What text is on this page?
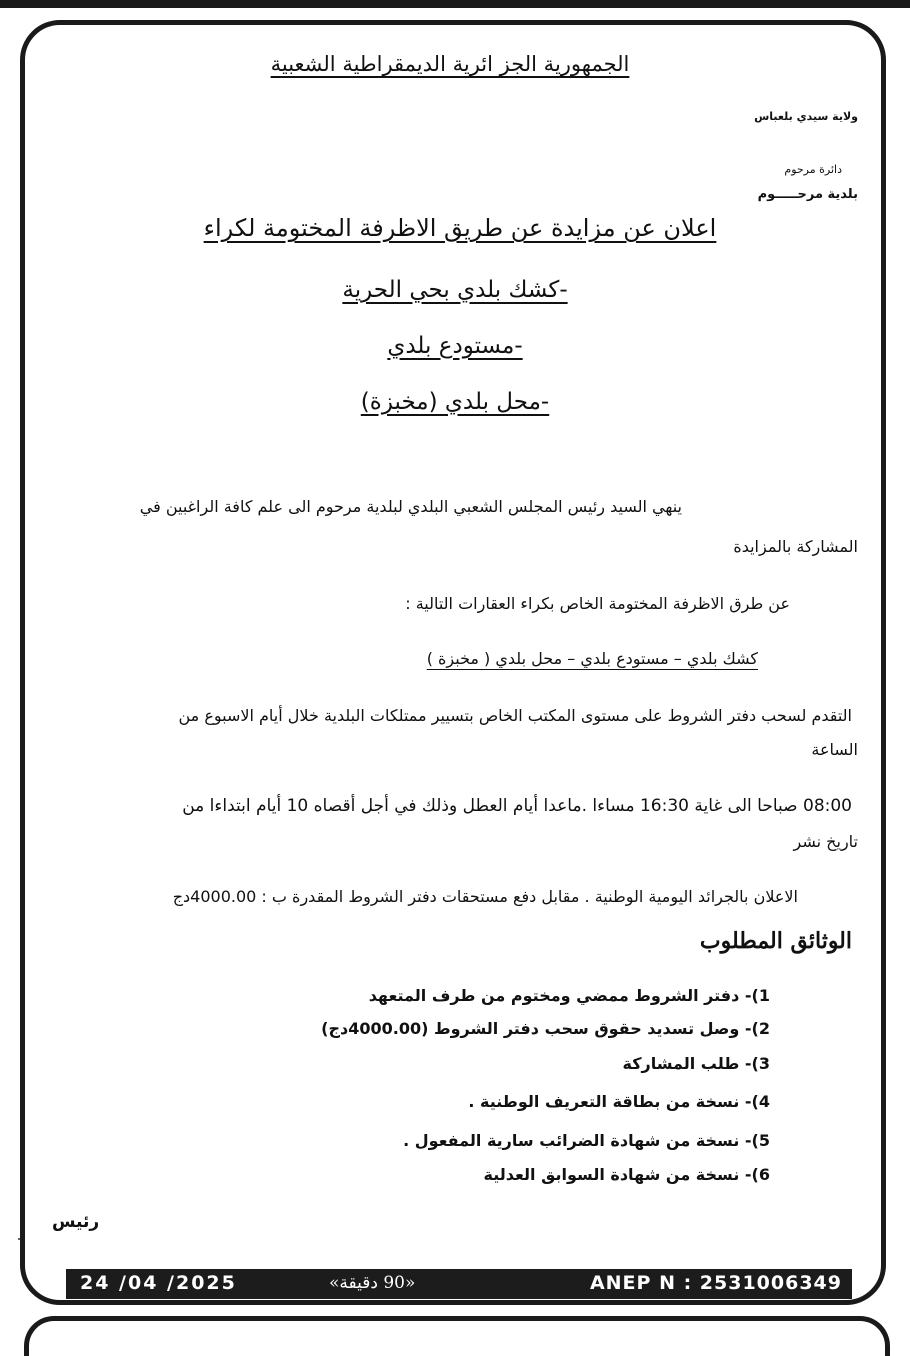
الجمهورية الجز ائرية الديمقراطية الشعبية
ولاية سيدي بلعباس
دائرة مرحوم
بلدية مرحـــــوم
اعلان عن مزايدة عن طريق الاظرفة المختومة لكراء
-كشك بلدي بحي الحرية
-مستودع بلدي
-محل بلدي (مخبزة)
ينهي السيد رئيس المجلس الشعبي البلدي لبلدية مرحوم الى علم كافة الراغبين في
المشاركة بالمزايدة
عن طرق الاظرفة المختومة الخاص بكراء العقارات التالية :
كشك بلدي – مستودع بلدي – محل بلدي ( مخبزة )
التقدم لسحب دفتر الشروط على مستوى المكتب الخاص بتسيير ممتلكات البلدية خلال أيام الاسبوع من
الساعة
08:00 صباحا الى غاية 16:30 مساءا .ماعدا أيام العطل وذلك في أجل أقصاه 10 أيام ابتداءا من
تاريخ نشر
الاعلان بالجرائد اليومية الوطنية . مقابل دفع مستحقات دفتر الشروط المقدرة ب : 4000.00دج
الوثائق المطلوب
1)- دفتر الشروط ممضي ومختوم من طرف المتعهد
2)- وصل تسديد حقوق سحب دفتر الشروط (4000.00دج)
3)- طلب المشاركة
4)- نسخة من بطاقة التعريف الوطنية .
5)- نسخة من شهادة الضرائب سارية المفعول .
6)- نسخة من شهادة السوابق العدلية
رئيس
24 /04 /2025	«90 دقيقة»	ANEP N : 2531006349
